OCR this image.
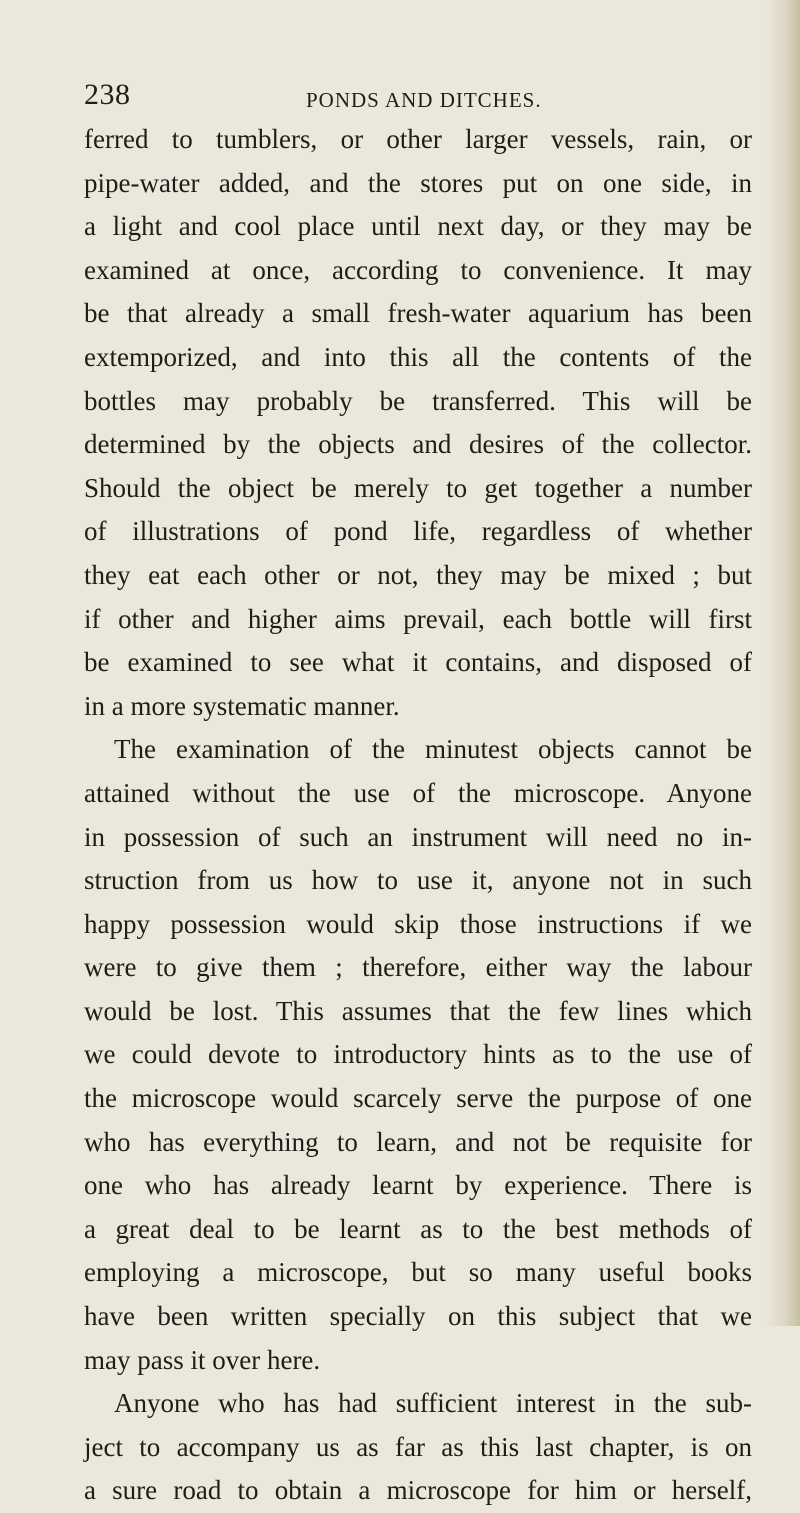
238	PONDS AND DITCHES.
ferred to tumblers, or other larger vessels, rain, or
pipe-water added, and the stores put on one side, in
a light and cool place until next day, or they may be
examined at once, according to convenience. It may
be that already a small fresh-water aquarium has been
extemporized, and into this all the contents of the
bottles may probably be transferred. This will be
determined by the objects and desires of the collector.
Should the object be merely to get together a number
of illustrations of pond life, regardless of whether
they eat each other or not, they may be mixed ; but
if other and higher aims prevail, each bottle will first
be examined to see what it contains, and disposed of
in a more systematic manner.
The examination of the minutest objects cannot be
attained without the use of the microscope. Anyone
in possession of such an instrument will need no in-
struction from us how to use it, anyone not in such
happy possession would skip those instructions if we
were to give them ; therefore, either way the labour
would be lost. This assumes that the few lines which
we could devote to introductory hints as to the use of
the microscope would scarcely serve the purpose of one
who has everything to learn, and not be requisite for
one who has already learnt by experience. There is
a great deal to be learnt as to the best methods of
employing a microscope, but so many useful books
have been written specially on this subject that we
may pass it over here.
Anyone who has had sufficient interest in the sub-
ject to accompany us as far as this last chapter, is on
a sure road to obtain a microscope for him or herself,
